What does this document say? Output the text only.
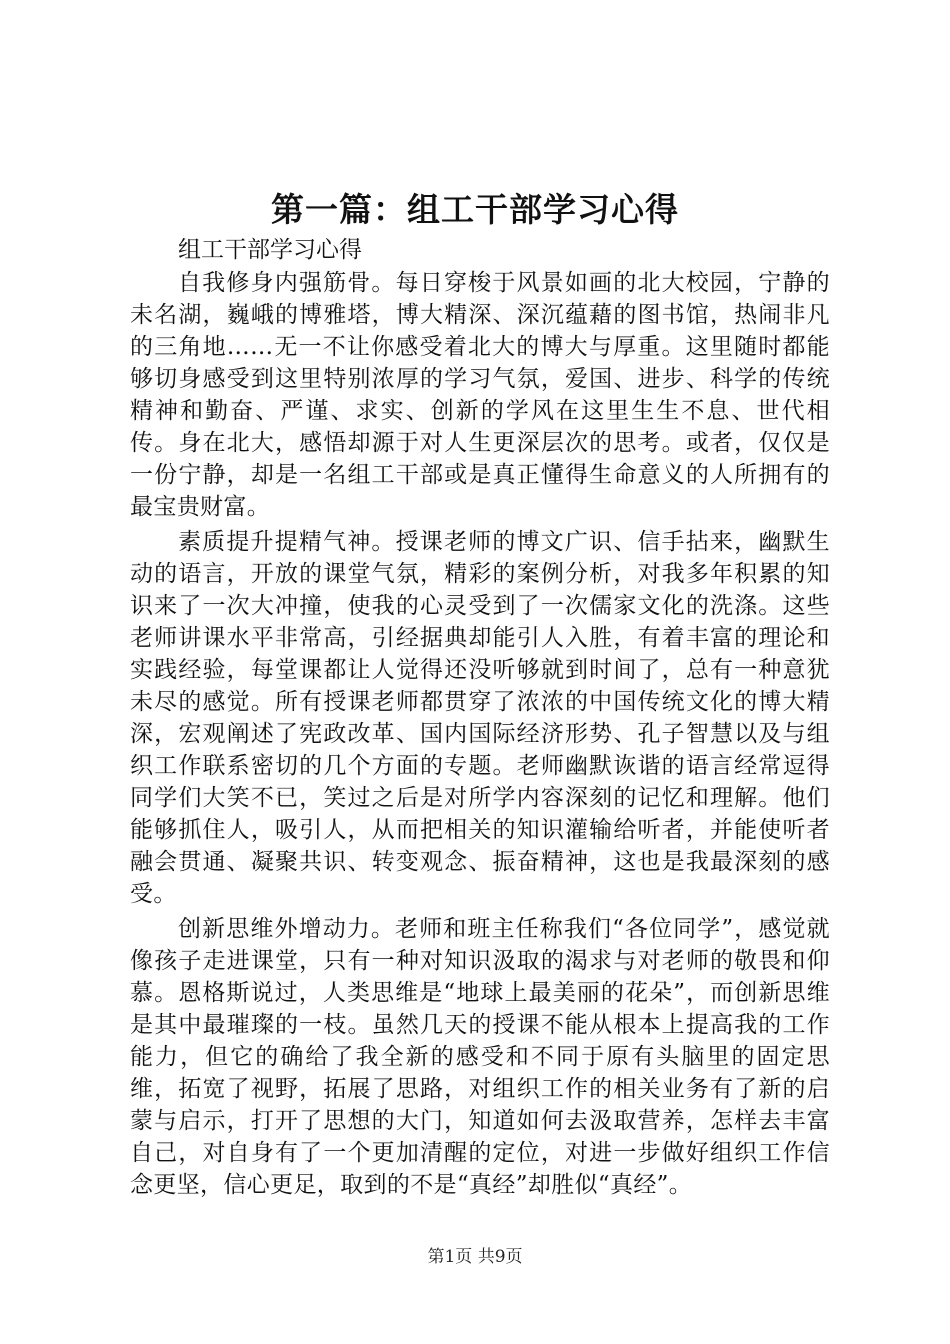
第一篇：组工干部学习心得
组工干部学习心得

自我修身内强筋骨。每日穿梭于风景如画的北大校园，宁静的未名湖，巍峨的博雅塔，博大精深、深沉蕴藉的图书馆，热闹非凡的三角地……无一不让你感受着北大的博大与厚重。这里随时都能够切身感受到这里特别浓厚的学习气氛，爱国、进步、科学的传统精神和勤奋、严谨、求实、创新的学风在这里生生不息、世代相传。身在北大，感悟却源于对人生更深层次的思考。或者，仅仅是一份宁静，却是一名组工干部或是真正懂得生命意义的人所拥有的最宝贵财富。

素质提升提精气神。授课老师的博文广识、信手拈来，幽默生动的语言，开放的课堂气氛，精彩的案例分析，对我多年积累的知识来了一次大冲撞，使我的心灵受到了一次儒家文化的洗涤。这些老师讲课水平非常高，引经据典却能引人入胜，有着丰富的理论和实践经验，每堂课都让人觉得还没听够就到时间了，总有一种意犹未尽的感觉。所有授课老师都贯穿了浓浓的中国传统文化的博大精深，宏观阐述了宪政改革、国内国际经济形势、孔子智慧以及与组织工作联系密切的几个方面的专题。老师幽默诙谐的语言经常逗得同学们大笑不已，笑过之后是对所学内容深刻的记忆和理解。他们能够抓住人，吸引人，从而把相关的知识灌输给听者，并能使听者融会贯通、凝聚共识、转变观念、振奋精神，这也是我最深刻的感受。

创新思维外增动力。老师和班主任称我们“各位同学”，感觉就像孩子走进课堂，只有一种对知识汲取的渴求与对老师的敬畏和仰慕。恩格斯说过，人类思维是“地球上最美丽的花朵”，而创新思维是其中最璀璨的一枝。虽然几天的授课不能从根本上提高我的工作能力，但它的确给了我全新的感受和不同于原有头脑里的固定思维，拓宽了视野，拓展了思路，对组织工作的相关业务有了新的启蒙与启示，打开了思想的大门，知道如何去汲取营养，怎样去丰富自己，对自身有了一个更加清醒的定位，对进一步做好组织工作信念更坚，信心更足，取到的不是“真经”却胜似“真经”。

第1页 共9页
